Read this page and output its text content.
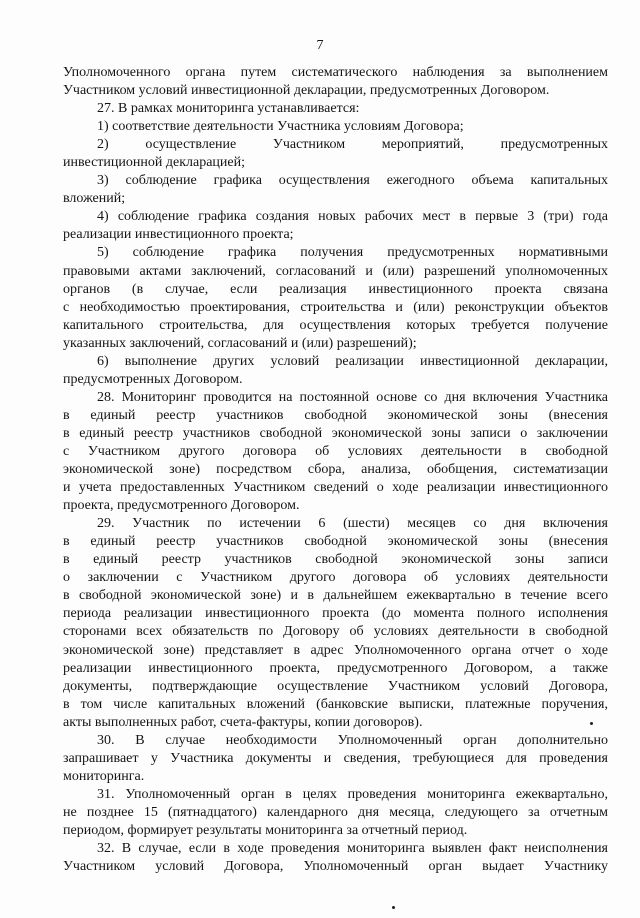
7
Уполномоченного органа путем систематического наблюдения за выполнением
Участником условий инвестиционной декларации, предусмотренных Договором.
27. В рамках мониторинга устанавливается:
1) соответствие деятельности Участника условиям Договора;
2) осуществление Участником мероприятий, предусмотренных
инвестиционной декларацией;
3) соблюдение графика осуществления ежегодного объема капитальных
вложений;
4) соблюдение графика создания новых рабочих мест в первые 3 (три) года
реализации инвестиционного проекта;
5) соблюдение графика получения предусмотренных нормативными
правовыми актами заключений, согласований и (или) разрешений уполномоченных
органов (в случае, если реализация инвестиционного проекта связана
с необходимостью проектирования, строительства и (или) реконструкции объектов
капитального строительства, для осуществления которых требуется получение
указанных заключений, согласований и (или) разрешений);
6) выполнение других условий реализации инвестиционной декларации,
предусмотренных Договором.
28. Мониторинг проводится на постоянной основе со дня включения Участника
в единый реестр участников свободной экономической зоны (внесения
в единый реестр участников свободной экономической зоны записи о заключении
с Участником другого договора об условиях деятельности в свободной
экономической зоне) посредством сбора, анализа, обобщения, систематизации
и учета предоставленных Участником сведений о ходе реализации инвестиционного
проекта, предусмотренного Договором.
29. Участник по истечении 6 (шести) месяцев со дня включения
в единый реестр участников свободной экономической зоны (внесения
в единый реестр участников свободной экономической зоны записи
о заключении с Участником другого договора об условиях деятельности
в свободной экономической зоне) и в дальнейшем ежеквартально в течение всего
периода реализации инвестиционного проекта (до момента полного исполнения
сторонами всех обязательств по Договору об условиях деятельности в свободной
экономической зоне) представляет в адрес Уполномоченного органа отчет о ходе
реализации инвестиционного проекта, предусмотренного Договором, а также
документы, подтверждающие осуществление Участником условий Договора,
в том числе капитальных вложений (банковские выписки, платежные поручения,
акты выполненных работ, счета-фактуры, копии договоров).
30. В случае необходимости Уполномоченный орган дополнительно
запрашивает у Участника документы и сведения, требующиеся для проведения
мониторинга.
31. Уполномоченный орган в целях проведения мониторинга ежеквартально,
не позднее 15 (пятнадцатого) календарного дня месяца, следующего за отчетным
периодом, формирует результаты мониторинга за отчетный период.
32. В случае, если в ходе проведения мониторинга выявлен факт неисполнения
Участником условий Договора, Уполномоченный орган выдает Участнику
